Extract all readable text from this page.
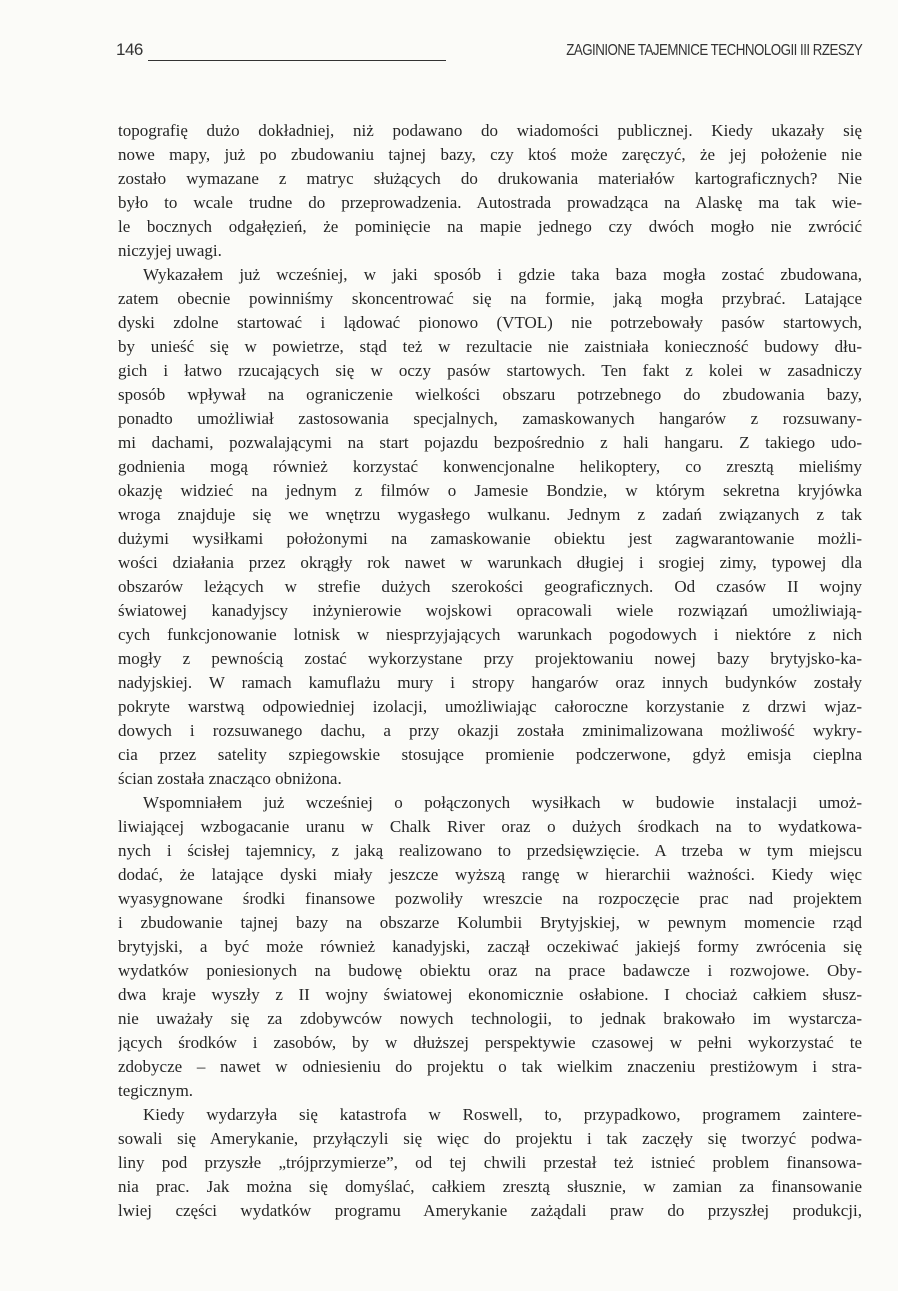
146	ZAGINIONE TAJEMNICE TECHNOLOGII III RZESZY
topografię dużo dokładniej, niż podawano do wiadomości publicznej. Kiedy ukazały się
nowe mapy, już po zbudowaniu tajnej bazy, czy ktoś może zaręczyć, że jej położenie nie
zostało wymazane z matryc służących do drukowania materiałów kartograficznych? Nie
było to wcale trudne do przeprowadzenia. Autostrada prowadząca na Alaskę ma tak wie-
le bocznych odgałęzień, że pominięcie na mapie jednego czy dwóch mogło nie zwrócić
niczyjej uwagi.
Wykazałem już wcześniej, w jaki sposób i gdzie taka baza mogła zostać zbudowana,
zatem obecnie powinniśmy skoncentrować się na formie, jaką mogła przybrać. Latające
dyski zdolne startować i lądować pionowo (VTOL) nie potrzebowały pasów startowych,
by unieść się w powietrze, stąd też w rezultacie nie zaistniała konieczność budowy dłu-
gich i łatwo rzucających się w oczy pasów startowych. Ten fakt z kolei w zasadniczy
sposób wpływał na ograniczenie wielkości obszaru potrzebnego do zbudowania bazy,
ponadto umożliwiał zastosowania specjalnych, zamaskowanych hangarów z rozsuwany-
mi dachami, pozwalającymi na start pojazdu bezpośrednio z hali hangaru. Z takiego udo-
godnienia mogą również korzystać konwencjonalne helikoptery, co zresztą mieliśmy
okazję widzieć na jednym z filmów o Jamesie Bondzie, w którym sekretna kryjówka
wroga znajduje się we wnętrzu wygasłego wulkanu. Jednym z zadań związanych z tak
dużymi wysiłkami położonymi na zamaskowanie obiektu jest zagwarantowanie możli-
wości działania przez okrągły rok nawet w warunkach długiej i srogiej zimy, typowej dla
obszarów leżących w strefie dużych szerokości geograficznych. Od czasów II wojny
światowej kanadyjscy inżynierowie wojskowi opracowali wiele rozwiązań umożliwiają-
cych funkcjonowanie lotnisk w niesprzyjających warunkach pogodowych i niektóre z nich
mogły z pewnością zostać wykorzystane przy projektowaniu nowej bazy brytyjsko-ka-
nadyjskiej. W ramach kamuflażu mury i stropy hangarów oraz innych budynków zostały
pokryte warstwą odpowiedniej izolacji, umożliwiając całoroczne korzystanie z drzwi wjaz-
dowych i rozsuwanego dachu, a przy okazji została zminimalizowana możliwość wykry-
cia przez satelity szpiegowskie stosujące promienie podczerwone, gdyż emisja cieplna
ścian została znacząco obniżona.
Wspomniałem już wcześniej o połączonych wysiłkach w budowie instalacji umoż-
liwiającej wzbogacanie uranu w Chalk River oraz o dużych środkach na to wydatkowa-
nych i ścisłej tajemnicy, z jaką realizowano to przedsięwzięcie. A trzeba w tym miejscu
dodać, że latające dyski miały jeszcze wyższą rangę w hierarchii ważności. Kiedy więc
wyasygnowane środki finansowe pozwoliły wreszcie na rozpoczęcie prac nad projektem
i zbudowanie tajnej bazy na obszarze Kolumbii Brytyjskiej, w pewnym momencie rząd
brytyjski, a być może również kanadyjski, zaczął oczekiwać jakiejś formy zwrócenia się
wydatków poniesionych na budowę obiektu oraz na prace badawcze i rozwojowe. Oby-
dwa kraje wyszły z II wojny światowej ekonomicznie osłabione. I chociaż całkiem słusz-
nie uważały się za zdobywców nowych technologii, to jednak brakowało im wystarcza-
jących środków i zasobów, by w dłuższej perspektywie czasowej w pełni wykorzystać te
zdobycze – nawet w odniesieniu do projektu o tak wielkim znaczeniu prestiżowym i stra-
tegicznym.
Kiedy wydarzyła się katastrofa w Roswell, to, przypadkowo, programem zaintere-
sowali się Amerykanie, przyłączyli się więc do projektu i tak zaczęły się tworzyć podwa-
liny pod przyszłe „trójprzymierze”, od tej chwili przestał też istnieć problem finansowa-
nia prac. Jak można się domyślać, całkiem zresztą słusznie, w zamian za finansowanie
lwiej części wydatków programu Amerykanie zażądali praw do przyszłej produkcji,
